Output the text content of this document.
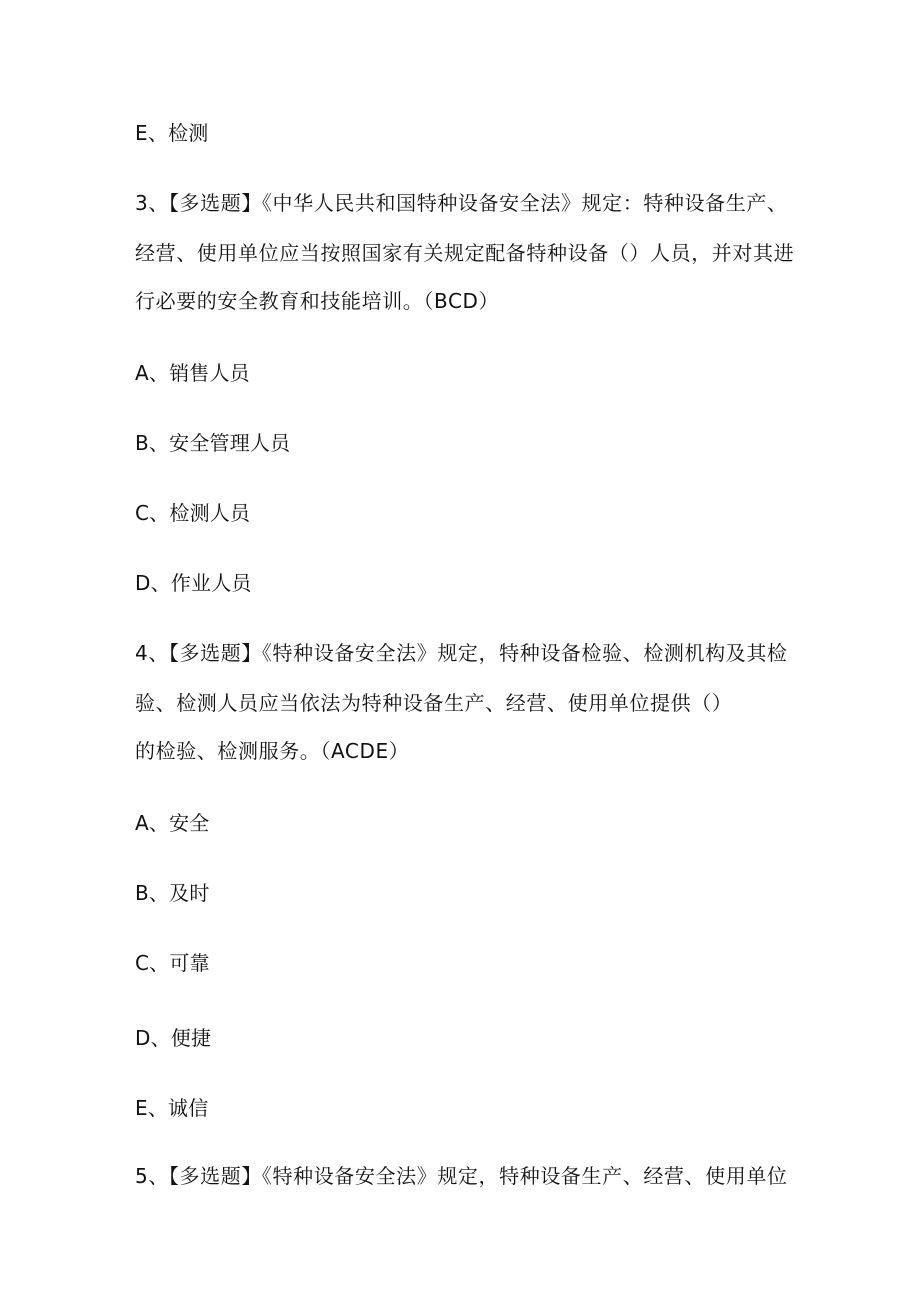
E、检测
3、【多选题】《中华人民共和国特种设备安全法》规定：特种设备生产、
经营、使用单位应当按照国家有关规定配备特种设备（）人员，并对其进
行必要的安全教育和技能培训。（BCD）
A、销售人员
B、安全管理人员
C、检测人员
D、作业人员
4、【多选题】《特种设备安全法》规定，特种设备检验、检测机构及其检
验、检测人员应当依法为特种设备生产、经营、使用单位提供（）
的检验、检测服务。（ACDE）
A、安全
B、及时
C、可靠
D、便捷
E、诚信
5、【多选题】《特种设备安全法》规定，特种设备生产、经营、使用单位
